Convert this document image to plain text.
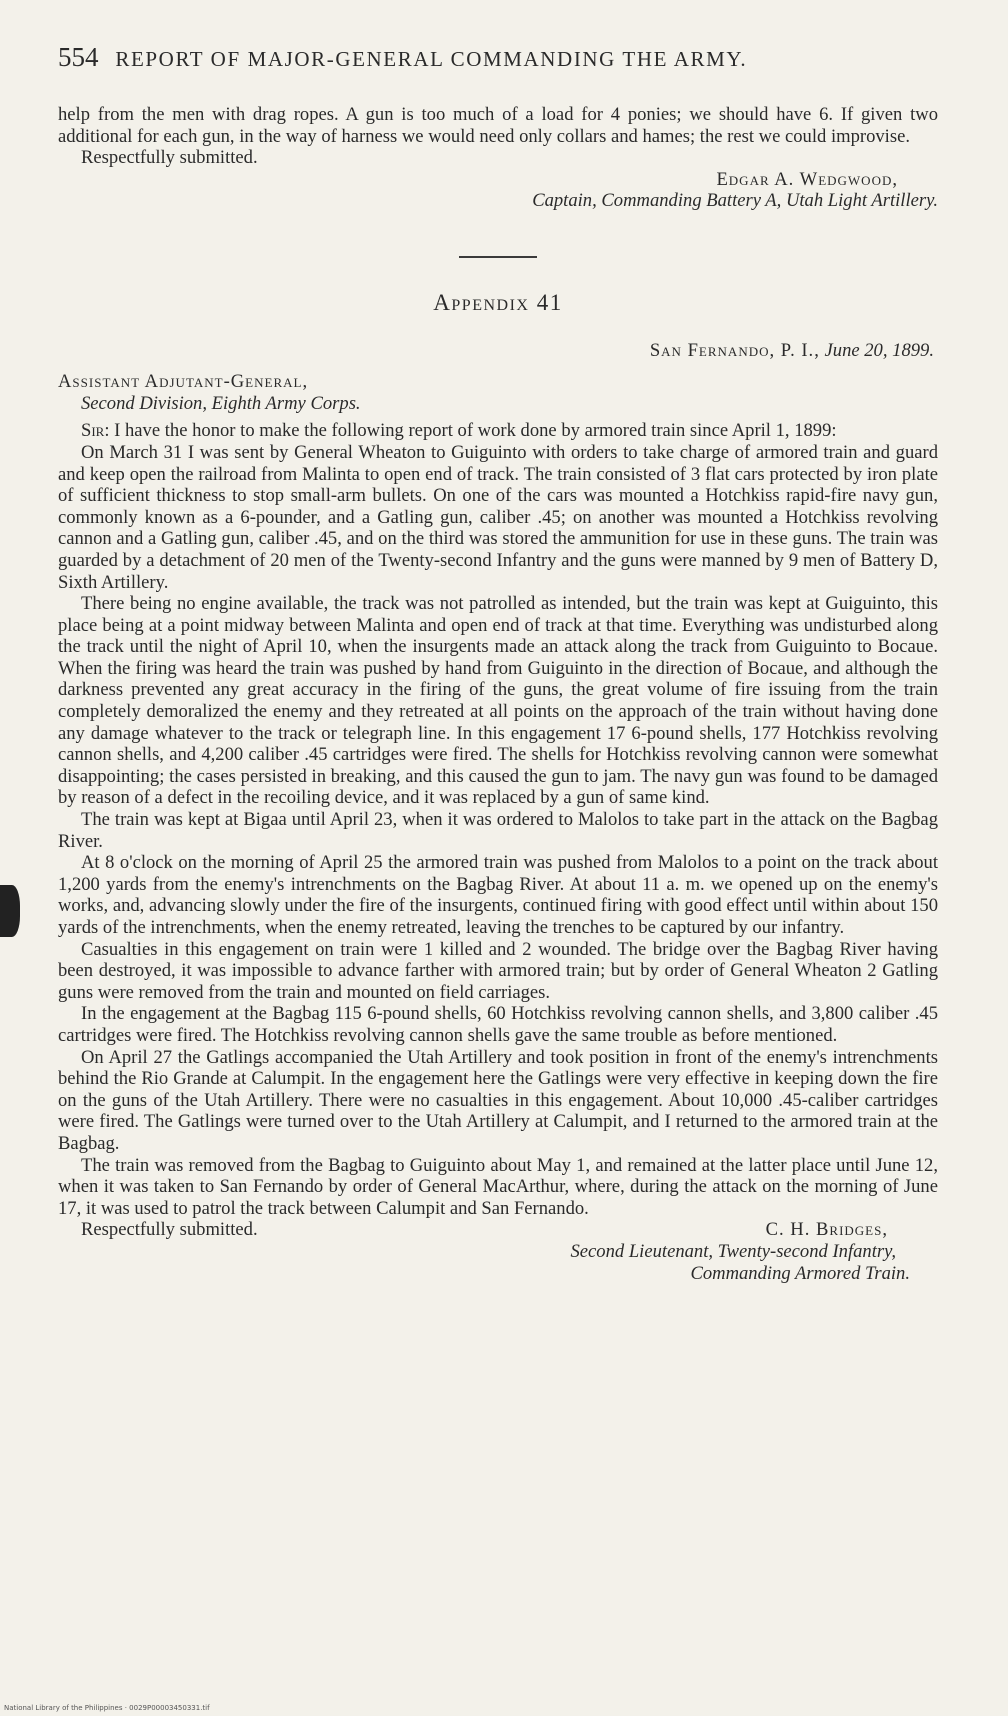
554 REPORT OF MAJOR-GENERAL COMMANDING THE ARMY.

help from the men with drag ropes. A gun is too much of a load for 4 ponies; we should have 6. If given two additional for each gun, in the way of harness we would need only collars and hames; the rest we could improvise.

Respectfully submitted.

Edgar A. Wedgwood,

Captain, Commanding Battery A, Utah Light Artillery.

Appendix 41

San Fernando, P. I., June 20, 1899.

Assistant Adjutant-General,

Second Division, Eighth Army Corps.

Sir: I have the honor to make the following report of work done by armored train since April 1, 1899:

On March 31 I was sent by General Wheaton to Guiguinto with orders to take charge of armored train and guard and keep open the railroad from Malinta to open end of track. The train consisted of 3 flat cars protected by iron plate of sufficient thickness to stop small-arm bullets. On one of the cars was mounted a Hotchkiss rapid-fire navy gun, commonly known as a 6-pounder, and a Gatling gun, caliber .45; on another was mounted a Hotchkiss revolving cannon and a Gatling gun, caliber .45, and on the third was stored the ammunition for use in these guns. The train was guarded by a detachment of 20 men of the Twenty-second Infantry and the guns were manned by 9 men of Battery D, Sixth Artillery.

There being no engine available, the track was not patrolled as intended, but the train was kept at Guiguinto, this place being at a point midway between Malinta and open end of track at that time. Everything was undisturbed along the track until the night of April 10, when the insurgents made an attack along the track from Guiguinto to Bocaue. When the firing was heard the train was pushed by hand from Guiguinto in the direction of Bocaue, and although the darkness prevented any great accuracy in the firing of the guns, the great volume of fire issuing from the train completely demoralized the enemy and they retreated at all points on the approach of the train without having done any damage whatever to the track or telegraph line. In this engagement 17 6-pound shells, 177 Hotchkiss revolving cannon shells, and 4,200 caliber .45 cartridges were fired. The shells for Hotchkiss revolving cannon were somewhat disappointing; the cases persisted in breaking, and this caused the gun to jam. The navy gun was found to be damaged by reason of a defect in the recoiling device, and it was replaced by a gun of same kind.

The train was kept at Bigaa until April 23, when it was ordered to Malolos to take part in the attack on the Bagbag River.

At 8 o'clock on the morning of April 25 the armored train was pushed from Malolos to a point on the track about 1,200 yards from the enemy's intrenchments on the Bagbag River. At about 11 a. m. we opened up on the enemy's works, and, advancing slowly under the fire of the insurgents, continued firing with good effect until within about 150 yards of the intrenchments, when the enemy retreated, leaving the trenches to be captured by our infantry.

Casualties in this engagement on train were 1 killed and 2 wounded. The bridge over the Bagbag River having been destroyed, it was impossible to advance farther with armored train; but by order of General Wheaton 2 Gatling guns were removed from the train and mounted on field carriages.

In the engagement at the Bagbag 115 6-pound shells, 60 Hotchkiss revolving cannon shells, and 3,800 caliber .45 cartridges were fired. The Hotchkiss revolving cannon shells gave the same trouble as before mentioned.

On April 27 the Gatlings accompanied the Utah Artillery and took position in front of the enemy's intrenchments behind the Rio Grande at Calumpit. In the engagement here the Gatlings were very effective in keeping down the fire on the guns of the Utah Artillery. There were no casualties in this engagement. About 10,000 .45-caliber cartridges were fired. The Gatlings were turned over to the Utah Artillery at Calumpit, and I returned to the armored train at the Bagbag.

The train was removed from the Bagbag to Guiguinto about May 1, and remained at the latter place until June 12, when it was taken to San Fernando by order of General MacArthur, where, during the attack on the morning of June 17, it was used to patrol the track between Calumpit and San Fernando.

Respectfully submitted.	C. H. Bridges,

Second Lieutenant, Twenty-second Infantry,

Commanding Armored Train.

National Library of the Philippines · 0029P00003450331.tif
